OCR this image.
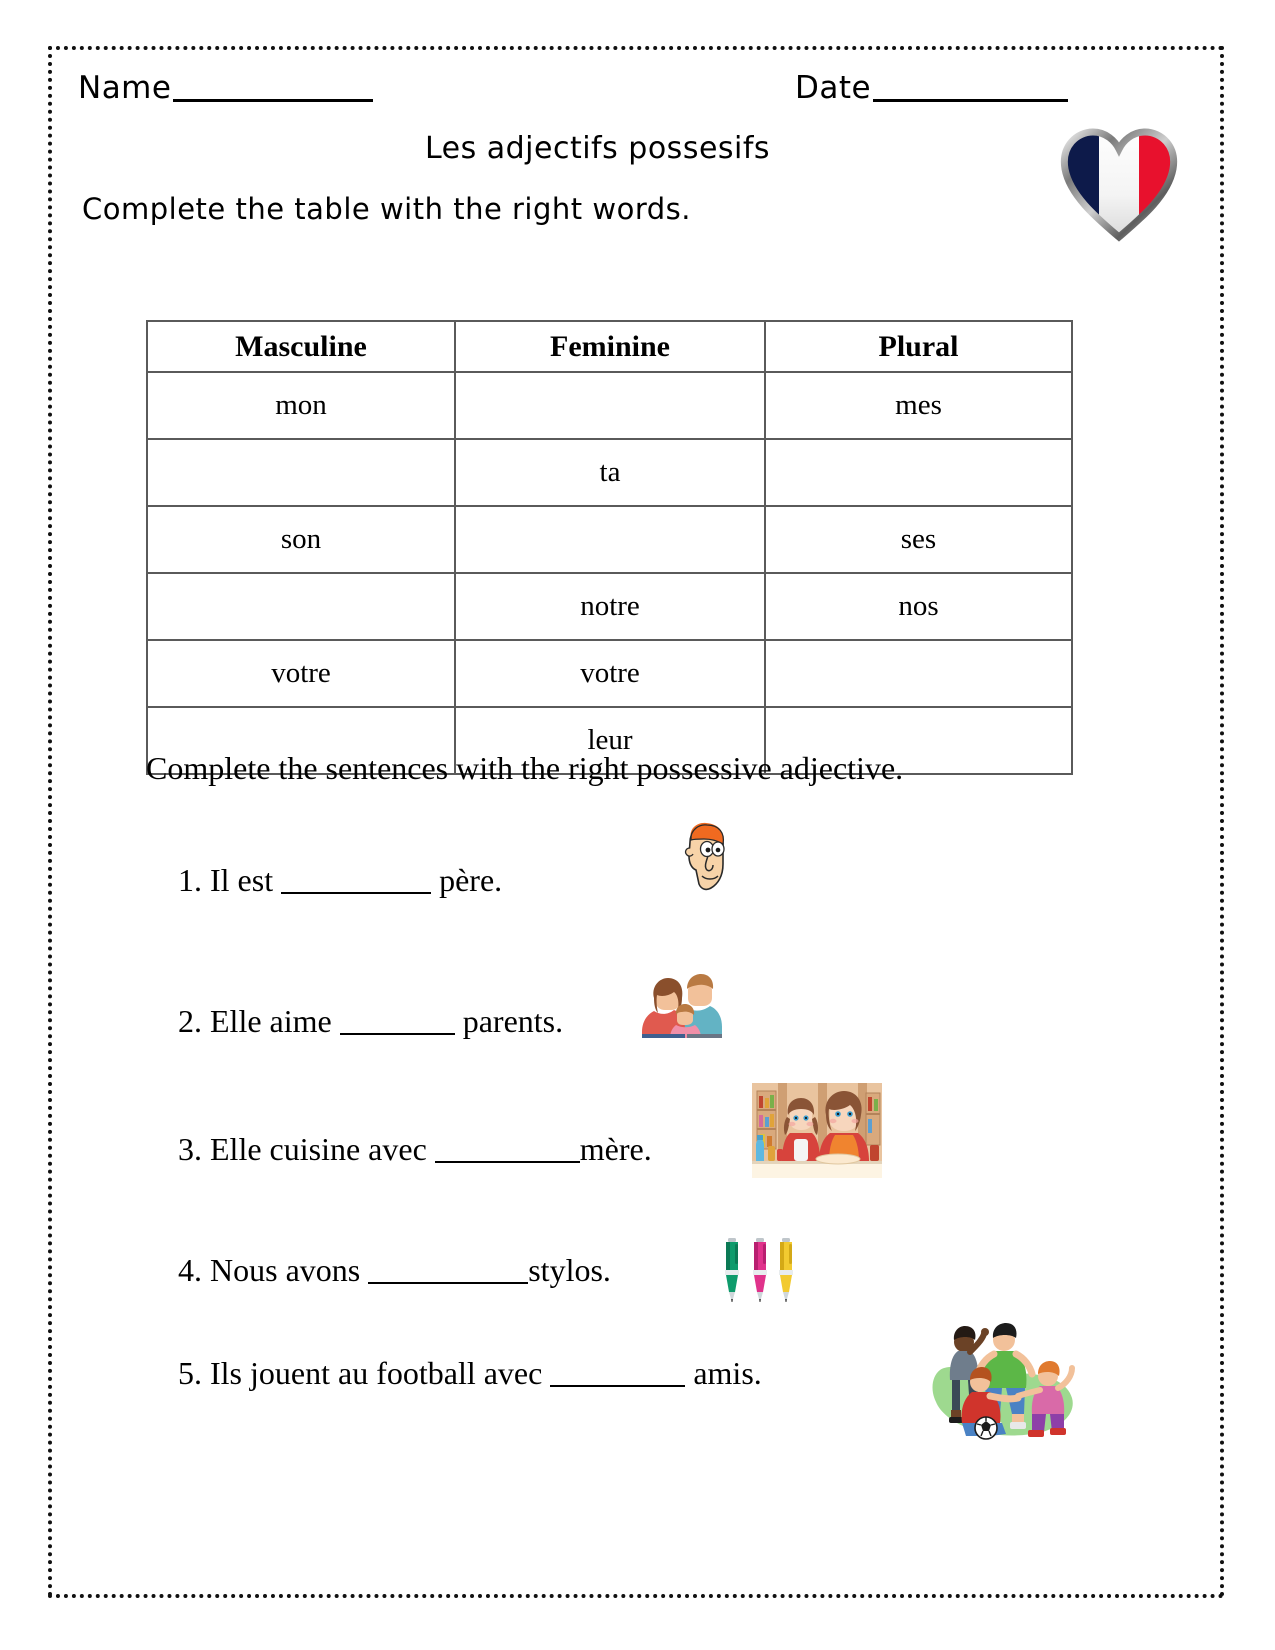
Name	Date
Les adjectifs possesifs
Complete the table with the right words.
Masculine	Feminine	Plural
mon		mes
	ta	
son		ses
	notre	nos
votre	votre	
	leur	
Complete the sentences with the right possessive adjective.
1. Il est	père.
2. Elle aime	parents.
3. Elle cuisine avec	mère.
4. Nous avons	stylos.
5. Ils jouent au football avec	amis.
